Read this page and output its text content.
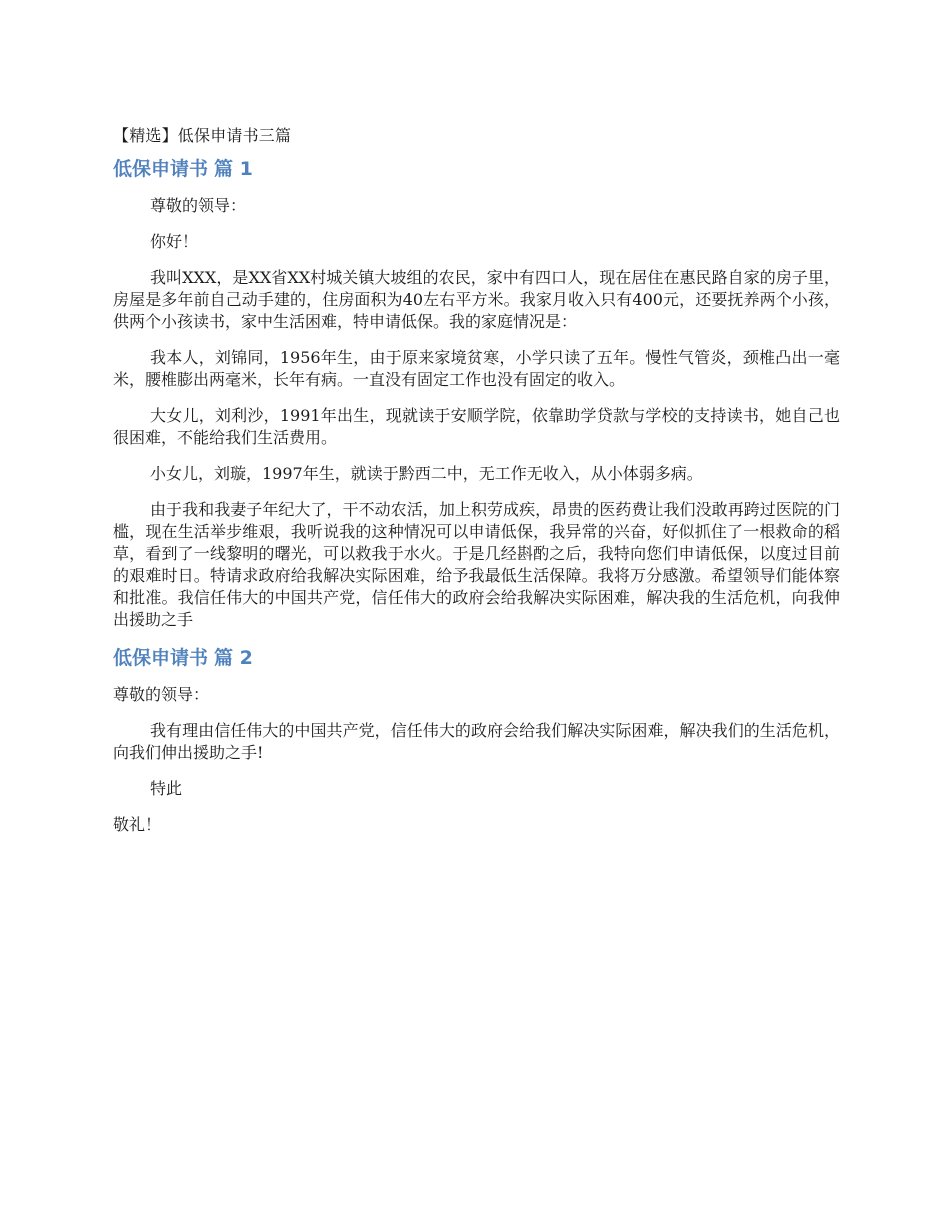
【精选】低保申请书三篇
低保申请书 篇 1

尊敬的领导：

你好！

我叫XXX，是XX省XX村城关镇大坡组的农民，家中有四口人，现在居住在惠民路自家的房子里，房屋是多年前自己动手建的，住房面积为40左右平方米。我家月收入只有400元，还要抚养两个小孩，供两个小孩读书，家中生活困难，特申请低保。我的家庭情况是：

我本人，刘锦同，1956年生，由于原来家境贫寒，小学只读了五年。慢性气管炎，颈椎凸出一毫米，腰椎膨出两毫米，长年有病。一直没有固定工作也没有固定的收入。

大女儿，刘利沙，1991年出生，现就读于安顺学院，依靠助学贷款与学校的支持读书，她自己也很困难，不能给我们生活费用。

小女儿，刘璇，1997年生，就读于黔西二中，无工作无收入，从小体弱多病。

由于我和我妻子年纪大了，干不动农活，加上积劳成疾，昂贵的医药费让我们没敢再跨过医院的门槛，现在生活举步维艰，我听说我的这种情况可以申请低保，我异常的兴奋，好似抓住了一根救命的稻草，看到了一线黎明的曙光，可以救我于水火。于是几经斟酌之后，我特向您们申请低保，以度过目前的艰难时日。特请求政府给我解决实际困难，给予我最低生活保障。我将万分感激。希望领导们能体察和批准。我信任伟大的中国共产党，信任伟大的政府会给我解决实际困难，解决我的生活危机，向我伸出援助之手

低保申请书 篇 2

尊敬的领导：

我有理由信任伟大的中国共产党，信任伟大的政府会给我们解决实际困难，解决我们的生活危机，向我们伸出援助之手!

特此

敬礼！
